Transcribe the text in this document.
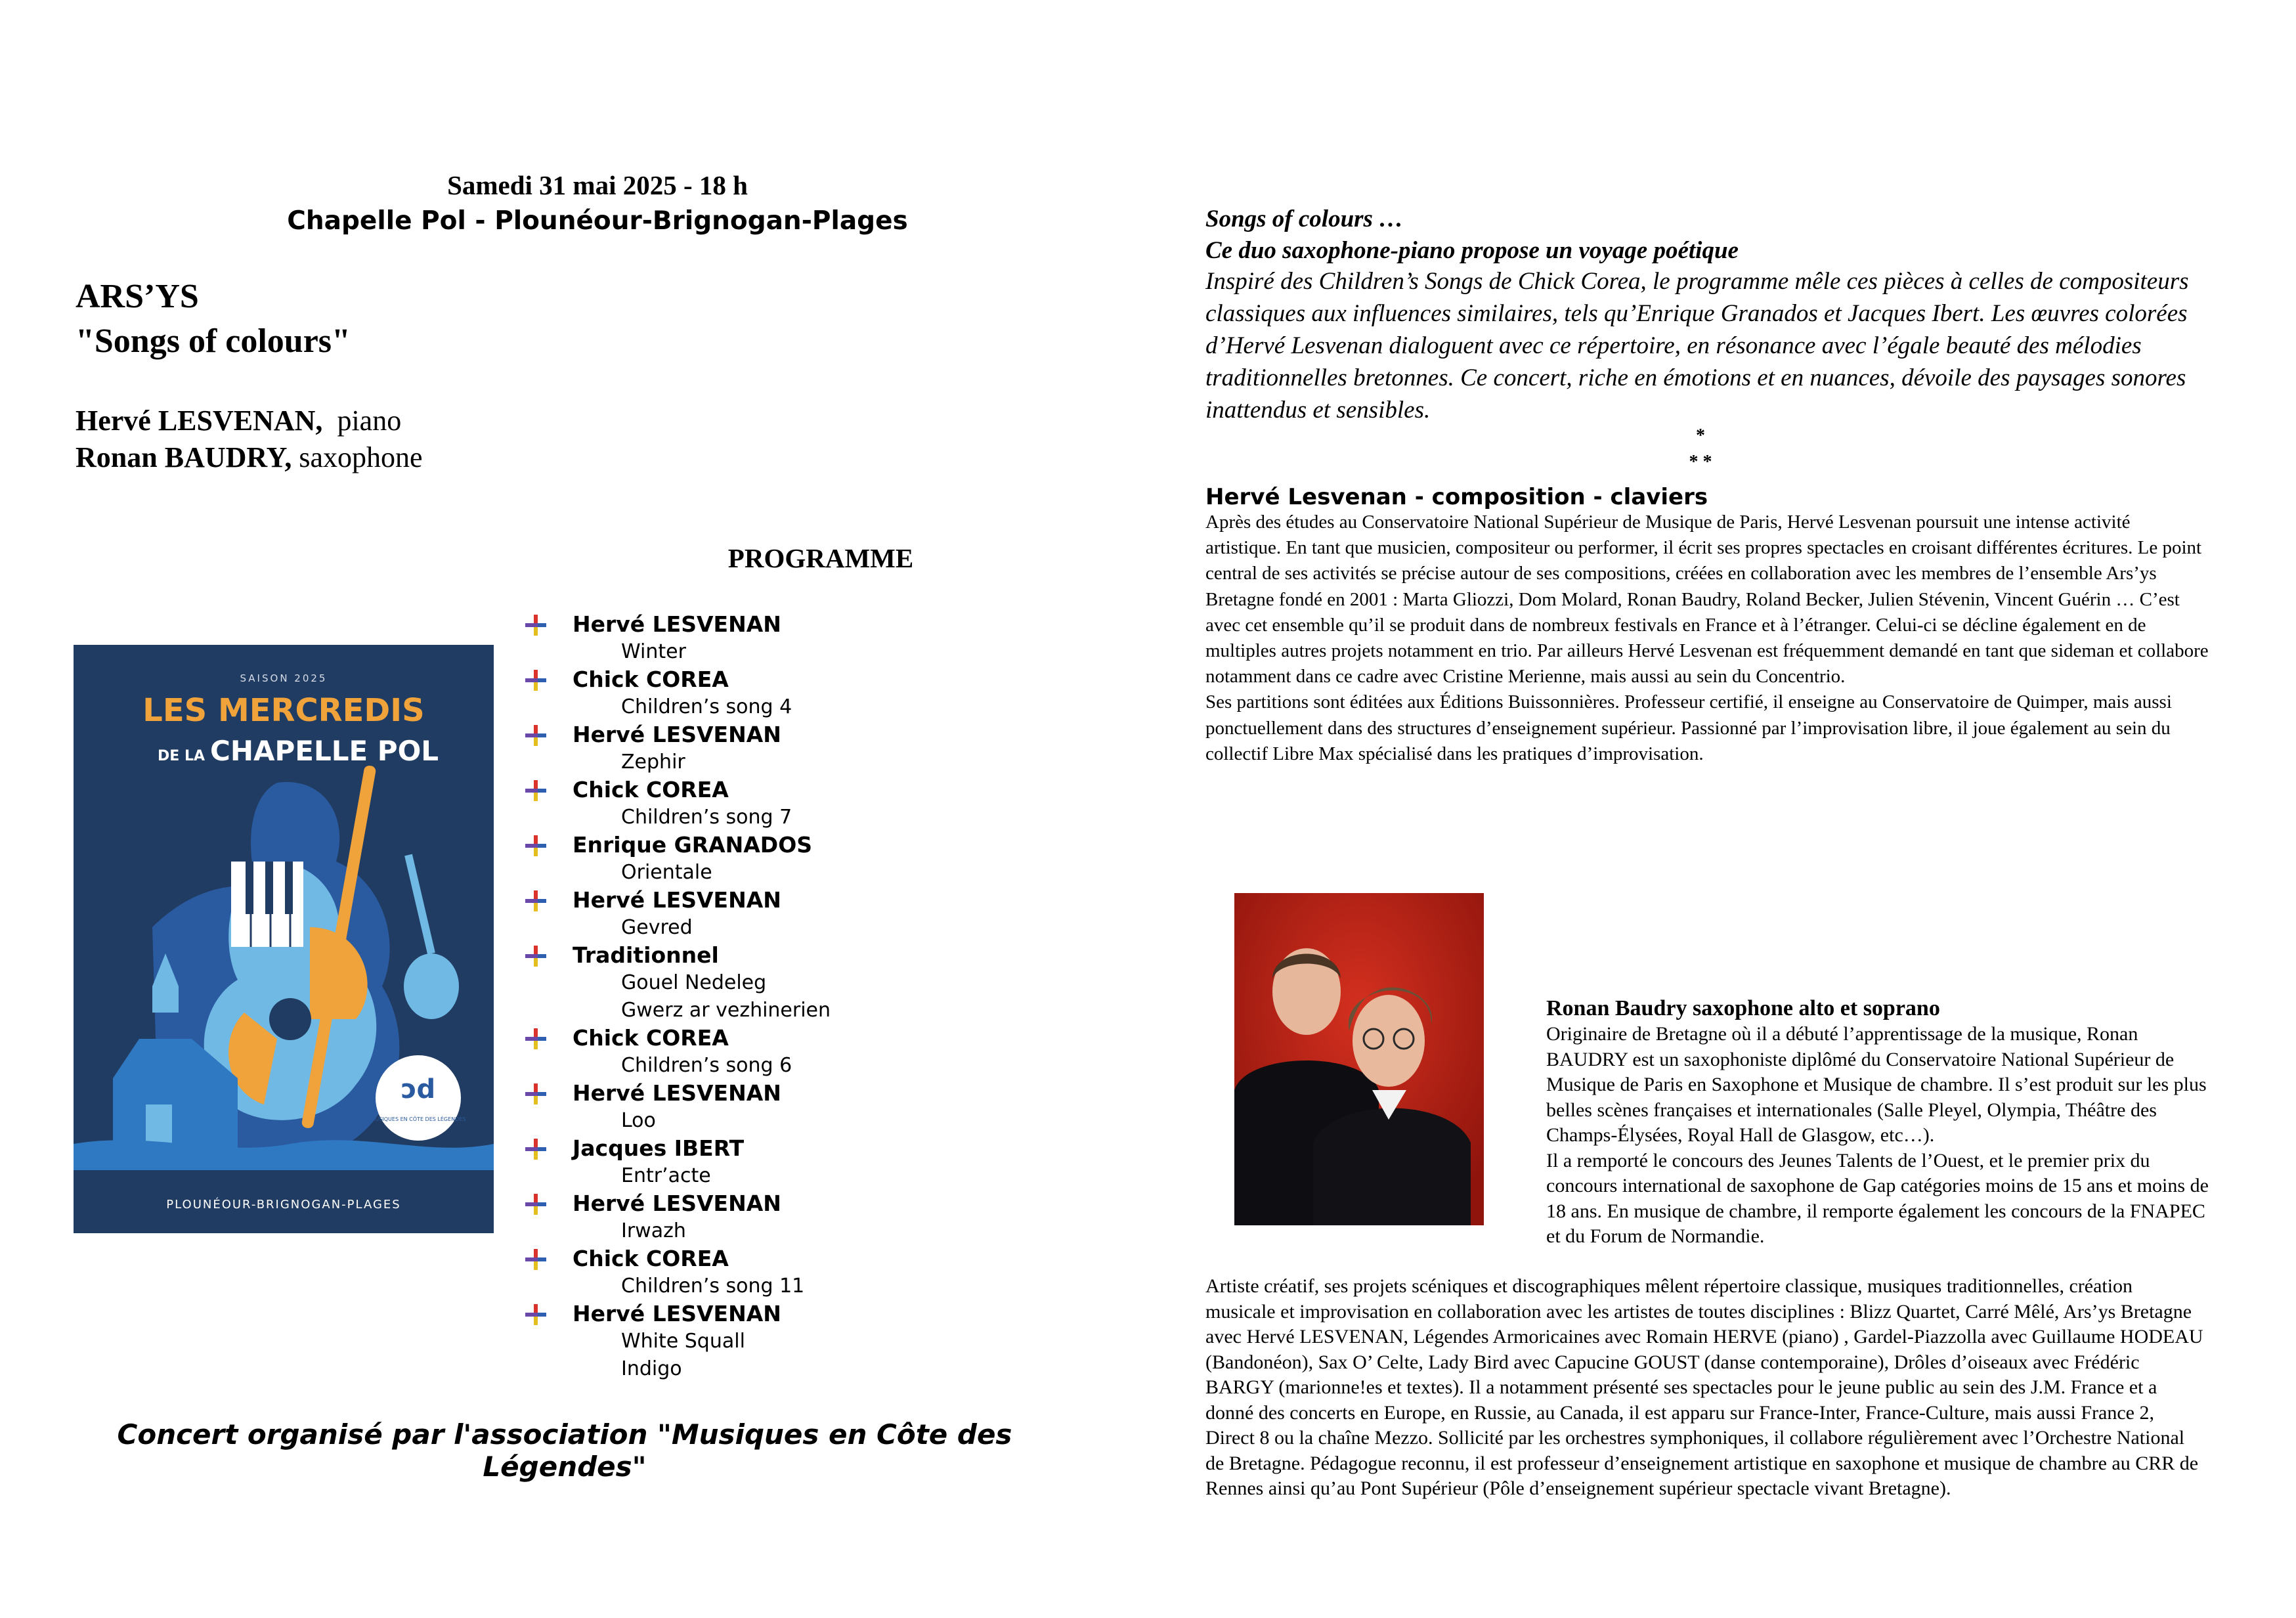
Samedi 31 mai 2025 - 18 h
Chapelle Pol - Plounéour-Brignogan-Plages
ARS’YS
"Songs of colours"
Hervé LESVENAN, piano
Ronan BAUDRY, saxophone
PROGRAMME
SAISON 2025
LES MERCREDIS
DE LA CHAPELLE POL
ↄd
MUSIQUES EN CÔTE DES LÉGENDES
PLOUNÉOUR-BRIGNOGAN-PLAGES
Hervé LESVENAN
Winter
Chick COREA
Children’s song 4
Hervé LESVENAN
Zephir
Chick COREA
Children’s song 7
Enrique GRANADOS
Orientale
Hervé LESVENAN
Gevred
Traditionnel
Gouel Nedeleg
Gwerz ar vezhinerien
Chick COREA
Children’s song 6
Hervé LESVENAN
Loo
Jacques IBERT
Entr’acte
Hervé LESVENAN
Irwazh
Chick COREA
Children’s song 11
Hervé LESVENAN
White Squall
Indigo
Concert organisé par l'association "Musiques en Côte des Légendes"
Songs of colours …
Ce duo saxophone-piano propose un voyage poétique
Inspiré des Children’s Songs de Chick Corea, le programme mêle ces pièces à celles de compositeurs classiques aux influences similaires, tels qu’Enrique Granados et Jacques Ibert. Les œuvres colorées d’Hervé Lesvenan dialoguent avec ce répertoire, en résonance avec l’égale beauté des mélodies traditionnelles bretonnes. Ce concert, riche en émotions et en nuances, dévoile des paysages sonores inattendus et sensibles.
*
* *
Hervé Lesvenan - composition - claviers

Après des études au Conservatoire National Supérieur de Musique de Paris, Hervé Lesvenan poursuit une intense activité artistique. En tant que musicien, compositeur ou performer, il écrit ses propres spectacles en croisant différentes écritures. Le point central de ses activités se précise autour de ses compositions, créées en collaboration avec les membres de l’ensemble Ars’ys Bretagne fondé en 2001 : Marta Gliozzi, Dom Molard, Ronan Baudry, Roland Becker, Julien Stévenin, Vincent Guérin … C’est avec cet ensemble qu’il se produit dans de nombreux festivals en France et à l’étranger. Celui-ci se décline également en de multiples autres projets notamment en trio. Par ailleurs Hervé Lesvenan est fréquemment demandé en tant que sideman et collabore notamment dans ce cadre avec Cristine Merienne, mais aussi au sein du Concentrio.

Ses partitions sont éditées aux Éditions Buissonnières. Professeur certifié, il enseigne au Conservatoire de Quimper, mais aussi ponctuellement dans des structures d’enseignement supérieur. Passionné par l’improvisation libre, il joue également au sein du collectif Libre Max spécialisé dans les pratiques d’improvisation.

Ronan Baudry saxophone alto et soprano

Originaire de Bretagne où il a débuté l’apprentissage de la musique, Ronan BAUDRY est un saxophoniste diplômé du Conservatoire National Supérieur de Musique de Paris en Saxophone et Musique de chambre. Il s’est produit sur les plus belles scènes françaises et internationales (Salle Pleyel, Olympia, Théâtre des Champs-Élysées, Royal Hall de Glasgow, etc…).

Il a remporté le concours des Jeunes Talents de l’Ouest, et le premier prix du concours international de saxophone de Gap catégories moins de 15 ans et moins de 18 ans. En musique de chambre, il remporte également les concours de la FNAPEC et du Forum de Normandie.

Artiste créatif, ses projets scéniques et discographiques mêlent répertoire classique, musiques traditionnelles, création musicale et improvisation en collaboration avec les artistes de toutes disciplines : Blizz Quartet, Carré Mêlé, Ars’ys Bretagne avec Hervé LESVENAN, Légendes Armoricaines avec Romain HERVE (piano) , Gardel-Piazzolla avec Guillaume HODEAU (Bandonéon), Sax O’ Celte, Lady Bird avec Capucine GOUST (danse contemporaine), Drôles d’oiseaux avec Frédéric BARGY (marionne!es et textes). Il a notamment présenté ses spectacles pour le jeune public au sein des J.M. France et a donné des concerts en Europe, en Russie, au Canada, il est apparu sur France-Inter, France-Culture, mais aussi France 2, Direct 8 ou la chaîne Mezzo. Sollicité par les orchestres symphoniques, il collabore régulièrement avec l’Orchestre National de Bretagne. Pédagogue reconnu, il est professeur d’enseignement artistique en saxophone et musique de chambre au CRR de Rennes ainsi qu’au Pont Supérieur (Pôle d’enseignement supérieur spectacle vivant Bretagne).
